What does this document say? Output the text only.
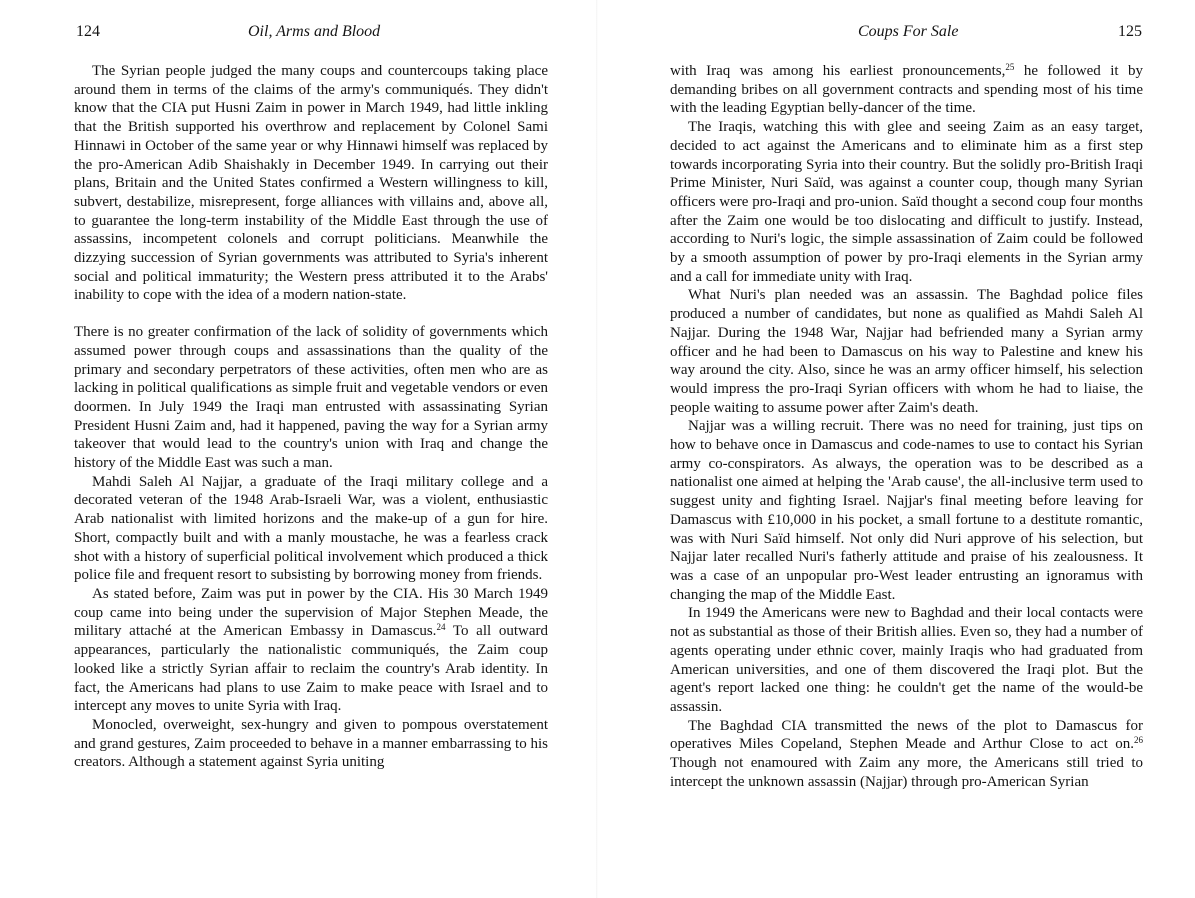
124	Oil, Arms and Blood

The Syrian people judged the many coups and countercoups taking place around them in terms of the claims of the army's communiqués. They didn't know that the CIA put Husni Zaim in power in March 1949, had little inkling that the British supported his overthrow and replacement by Colonel Sami Hinnawi in October of the same year or why Hinnawi himself was replaced by the pro-American Adib Shaishakly in December 1949. In carrying out their plans, Britain and the United States confirmed a Western willingness to kill, subvert, destabilize, misrepresent, forge alliances with villains and, above all, to guarantee the long-term instability of the Middle East through the use of assassins, incompetent colonels and corrupt politicians. Meanwhile the dizzying succession of Syrian governments was attributed to Syria's inherent social and political immaturity; the Western press attributed it to the Arabs' inability to cope with the idea of a modern nation-state.

There is no greater confirmation of the lack of solidity of governments which assumed power through coups and assassinations than the quality of the primary and secondary perpetrators of these activities, often men who are as lacking in political qualifications as simple fruit and vegetable vendors or even doormen. In July 1949 the Iraqi man entrusted with assassinating Syrian President Husni Zaim and, had it happened, paving the way for a Syrian army takeover that would lead to the country's union with Iraq and change the history of the Middle East was such a man.

Mahdi Saleh Al Najjar, a graduate of the Iraqi military college and a decorated veteran of the 1948 Arab-Israeli War, was a violent, enthusiastic Arab nationalist with limited horizons and the make-up of a gun for hire. Short, compactly built and with a manly moustache, he was a fearless crack shot with a history of superficial political involvement which produced a thick police file and frequent resort to subsisting by borrowing money from friends.

As stated before, Zaim was put in power by the CIA. His 30 March 1949 coup came into being under the supervision of Major Stephen Meade, the military attaché at the American Embassy in Damascus.$^{24}$ To all outward appearances, particularly the nationalistic communiqués, the Zaim coup looked like a strictly Syrian affair to reclaim the country's Arab identity. In fact, the Americans had plans to use Zaim to make peace with Israel and to intercept any moves to unite Syria with Iraq.

Monocled, overweight, sex-hungry and given to pompous overstatement and grand gestures, Zaim proceeded to behave in a manner embarrassing to his creators. Although a statement against Syria uniting

Coups For Sale	125

with Iraq was among his earliest pronouncements,$^{25}$ he followed it by demanding bribes on all government contracts and spending most of his time with the leading Egyptian belly-dancer of the time.

The Iraqis, watching this with glee and seeing Zaim as an easy target, decided to act against the Americans and to eliminate him as a first step towards incorporating Syria into their country. But the solidly pro-British Iraqi Prime Minister, Nuri Saïd, was against a counter coup, though many Syrian officers were pro-Iraqi and pro-union. Saïd thought a second coup four months after the Zaim one would be too dislocating and difficult to justify. Instead, according to Nuri's logic, the simple assassination of Zaim could be followed by a smooth assumption of power by pro-Iraqi elements in the Syrian army and a call for immediate unity with Iraq.

What Nuri's plan needed was an assassin. The Baghdad police files produced a number of candidates, but none as qualified as Mahdi Saleh Al Najjar. During the 1948 War, Najjar had befriended many a Syrian army officer and he had been to Damascus on his way to Palestine and knew his way around the city. Also, since he was an army officer himself, his selection would impress the pro-Iraqi Syrian officers with whom he had to liaise, the people waiting to assume power after Zaim's death.

Najjar was a willing recruit. There was no need for training, just tips on how to behave once in Damascus and code-names to use to contact his Syrian army co-conspirators. As always, the operation was to be described as a nationalist one aimed at helping the 'Arab cause', the all-inclusive term used to suggest unity and fighting Israel. Najjar's final meeting before leaving for Damascus with £10,000 in his pocket, a small fortune to a destitute romantic, was with Nuri Saïd himself. Not only did Nuri approve of his selection, but Najjar later recalled Nuri's fatherly attitude and praise of his zealousness. It was a case of an unpopular pro-West leader entrusting an ignoramus with changing the map of the Middle East.

In 1949 the Americans were new to Baghdad and their local contacts were not as substantial as those of their British allies. Even so, they had a number of agents operating under ethnic cover, mainly Iraqis who had graduated from American universities, and one of them discovered the Iraqi plot. But the agent's report lacked one thing: he couldn't get the name of the would-be assassin.

The Baghdad CIA transmitted the news of the plot to Damascus for operatives Miles Copeland, Stephen Meade and Arthur Close to act on.$^{26}$ Though not enamoured with Zaim any more, the Americans still tried to intercept the unknown assassin (Najjar) through pro-American Syrian
